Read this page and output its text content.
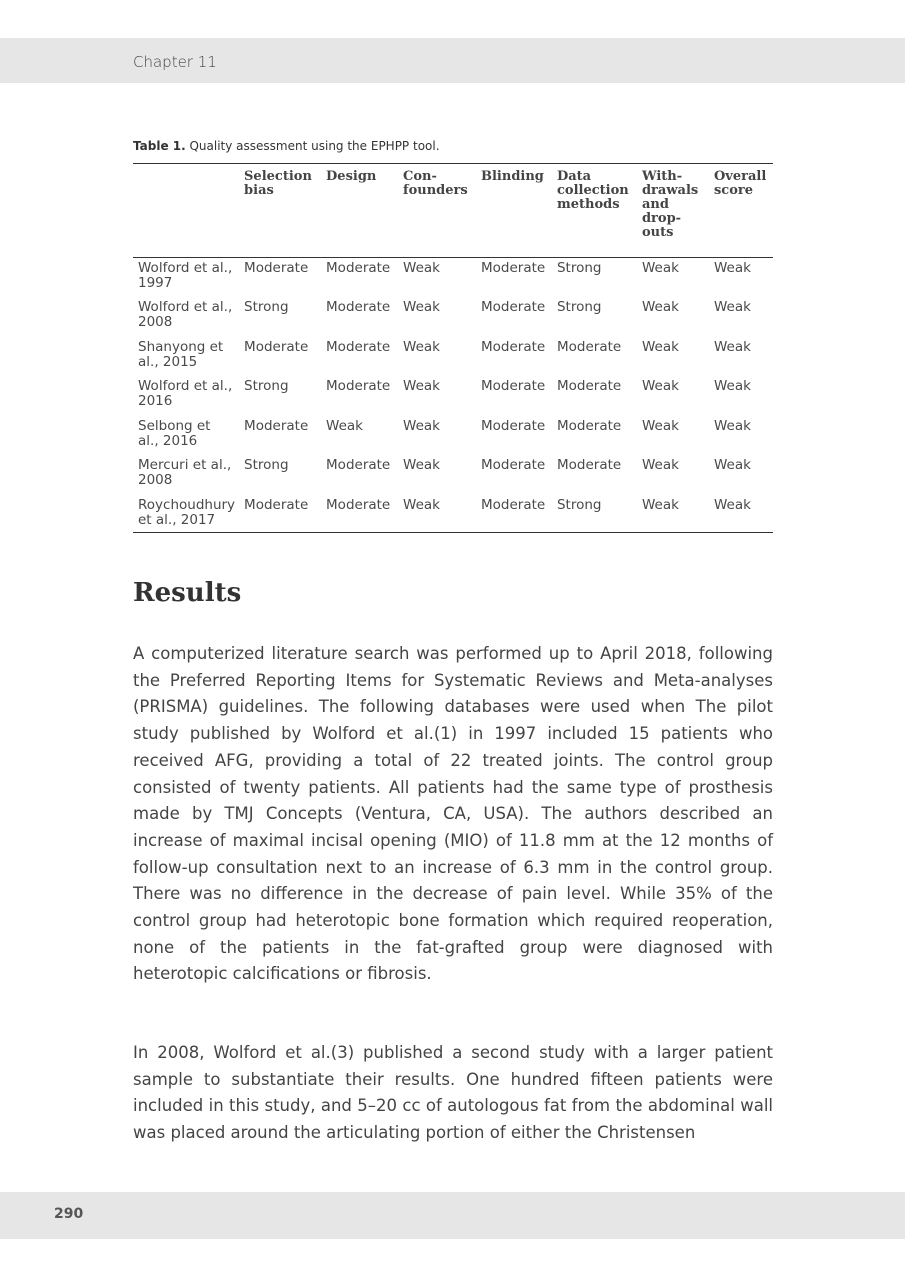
Chapter 11
Table 1. Quality assessment using the EPHPP tool.
	Selection bias	Design	Con-founders	Blinding	Data collection methods	With-drawals and drop-outs	Overall score
Wolford et al., 1997	Moderate	Moderate	Weak	Moderate	Strong	Weak	Weak
Wolford et al., 2008	Strong	Moderate	Weak	Moderate	Strong	Weak	Weak
Shanyong et al., 2015	Moderate	Moderate	Weak	Moderate	Moderate	Weak	Weak
Wolford et al., 2016	Strong	Moderate	Weak	Moderate	Moderate	Weak	Weak
Selbong et al., 2016	Moderate	Weak	Weak	Moderate	Moderate	Weak	Weak
Mercuri et al., 2008	Strong	Moderate	Weak	Moderate	Moderate	Weak	Weak
Roychoudhury et al., 2017	Moderate	Moderate	Weak	Moderate	Strong	Weak	Weak
Results

A computerized literature search was performed up to April 2018, following the Preferred Reporting Items for Systematic Reviews and Meta-analyses (PRISMA) guidelines. The following databases were used when The pilot study published by Wolford et al.(1) in 1997 included 15 patients who received AFG, providing a total of 22 treated joints. The control group consisted of twenty patients. All patients had the same type of prosthesis made by TMJ Concepts (Ventura, CA, USA). The authors described an increase of maximal incisal opening (MIO) of 11.8 mm at the 12 months of follow-up consultation next to an increase of 6.3 mm in the control group. There was no difference in the decrease of pain level. While 35% of the control group had heterotopic bone formation which required reoperation, none of the patients in the fat-grafted group were diagnosed with heterotopic calcifications or fibrosis.

In 2008, Wolford et al.(3) published a second study with a larger patient sample to substantiate their results. One hundred fifteen patients were included in this study, and 5–20 cc of autologous fat from the abdominal wall was placed around the articulating portion of either the Christensen

290
